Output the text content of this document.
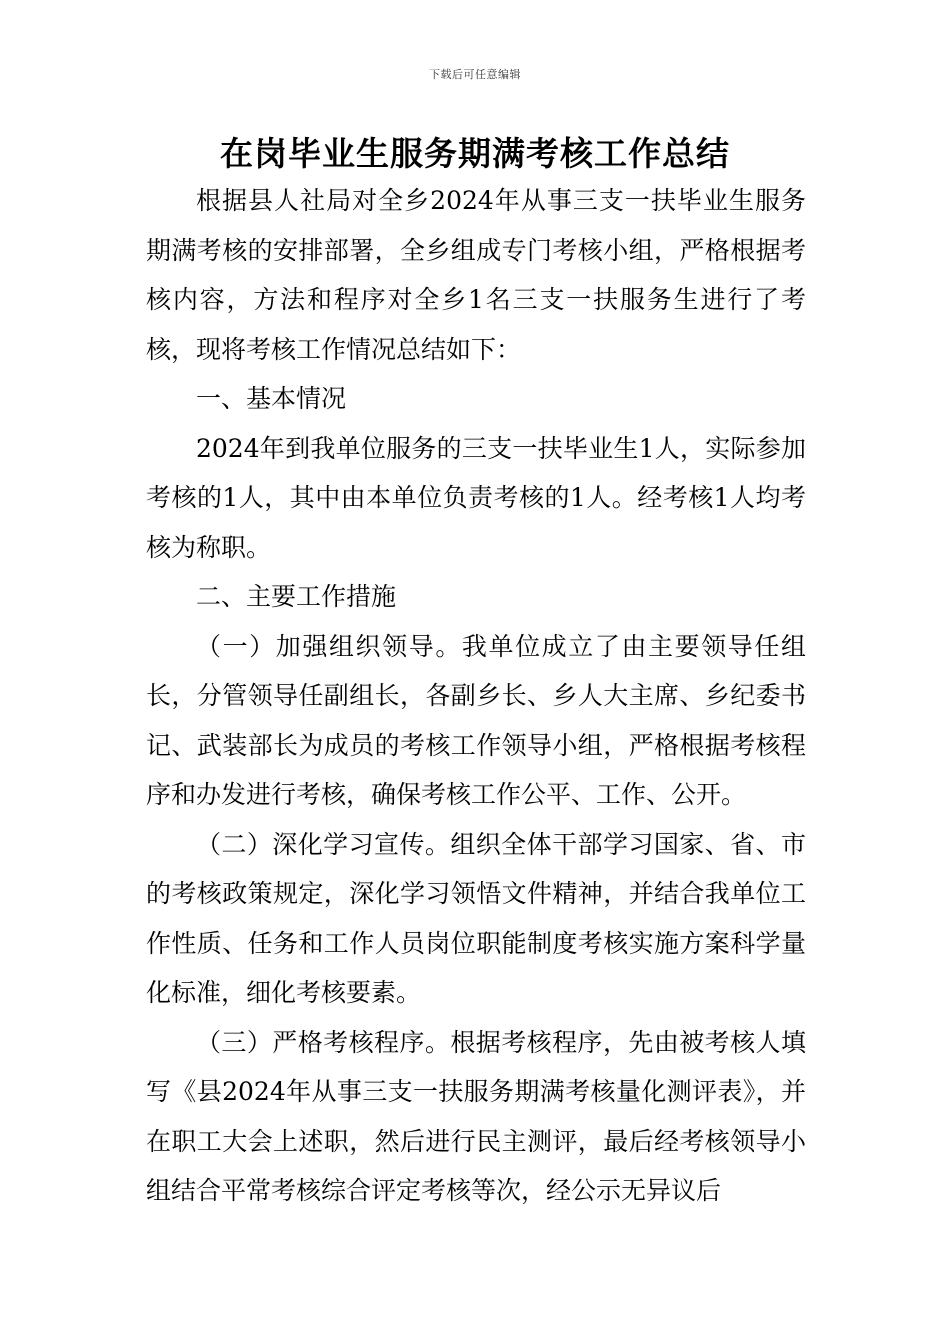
下载后可任意编辑
在岗毕业生服务期满考核工作总结

根据县人社局对全乡2024年从事三支一扶毕业生服务期满考核的安排部署，全乡组成专门考核小组，严格根据考核内容，方法和程序对全乡1名三支一扶服务生进行了考核，现将考核工作情况总结如下：

一、基本情况

2024年到我单位服务的三支一扶毕业生1人，实际参加考核的1人，其中由本单位负责考核的1人。经考核1人均考核为称职。

二、主要工作措施

（一）加强组织领导。我单位成立了由主要领导任组长，分管领导任副组长，各副乡长、乡人大主席、乡纪委书记、武装部长为成员的考核工作领导小组，严格根据考核程序和办发进行考核，确保考核工作公平、工作、公开。

（二）深化学习宣传。组织全体干部学习国家、省、市的考核政策规定，深化学习领悟文件精神，并结合我单位工作性质、任务和工作人员岗位职能制度考核实施方案科学量化标准，细化考核要素。

（三）严格考核程序。根据考核程序，先由被考核人填写《县2024年从事三支一扶服务期满考核量化测评表》，并在职工大会上述职，然后进行民主测评，最后经考核领导小组结合平常考核综合评定考核等次，经公示无异议后
